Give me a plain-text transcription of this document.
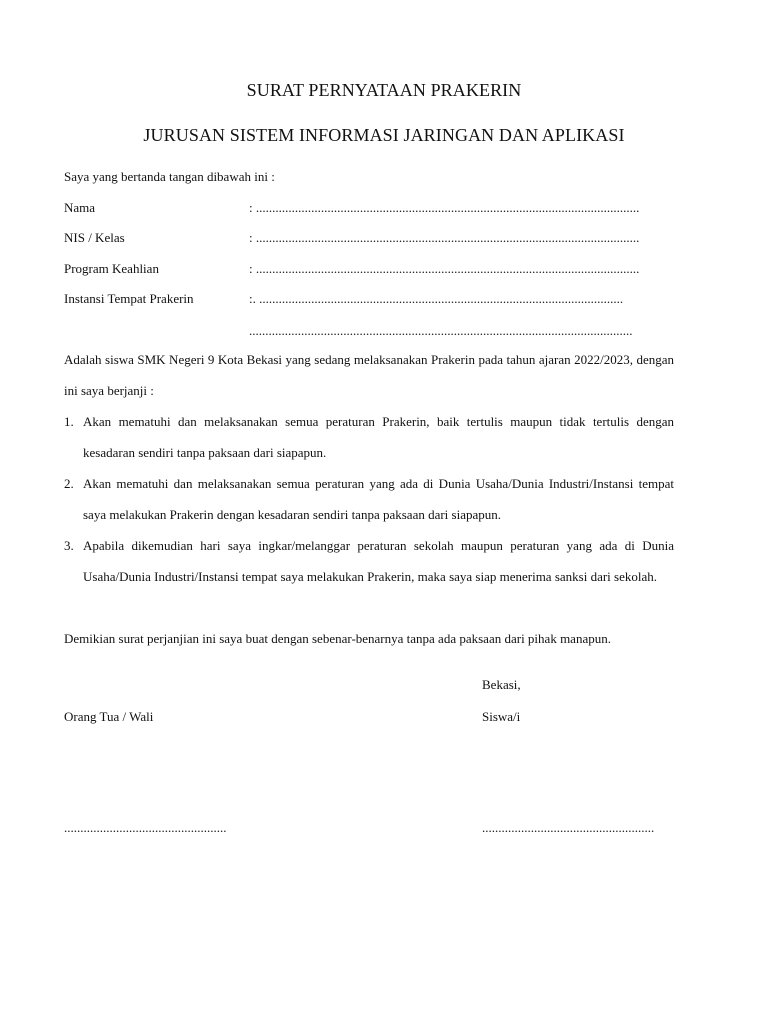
SURAT PERNYATAAN PRAKERIN
JURUSAN SISTEM INFORMASI JARINGAN DAN APLIKASI
Saya yang bertanda tangan dibawah ini :
Nama	: ......................................................................................................................
NIS / Kelas	: ......................................................................................................................
Program Keahlian	: ......................................................................................................................
Instansi Tempat Prakerin	:. ................................................................................................................
......................................................................................................................

Adalah siswa SMK Negeri 9 Kota Bekasi yang sedang melaksanakan Prakerin pada tahun ajaran 2022/2023, dengan ini saya berjanji :

1. Akan mematuhi dan melaksanakan semua peraturan Prakerin, baik tertulis maupun tidak tertulis dengan kesadaran sendiri tanpa paksaan dari siapapun.
2. Akan mematuhi dan melaksanakan semua peraturan yang ada di Dunia Usaha/Dunia Industri/Instansi tempat saya melakukan Prakerin dengan kesadaran sendiri tanpa paksaan dari siapapun.
3. Apabila dikemudian hari saya ingkar/melanggar peraturan sekolah maupun peraturan yang ada di Dunia Usaha/Dunia Industri/Instansi tempat saya melakukan Prakerin, maka saya siap menerima sanksi dari sekolah.

Demikian surat perjanjian ini saya buat dengan sebenar-benarnya tanpa ada paksaan dari pihak manapun.

Bekasi,
Orang Tua / Wali	Siswa/i
..................................................	.....................................................
